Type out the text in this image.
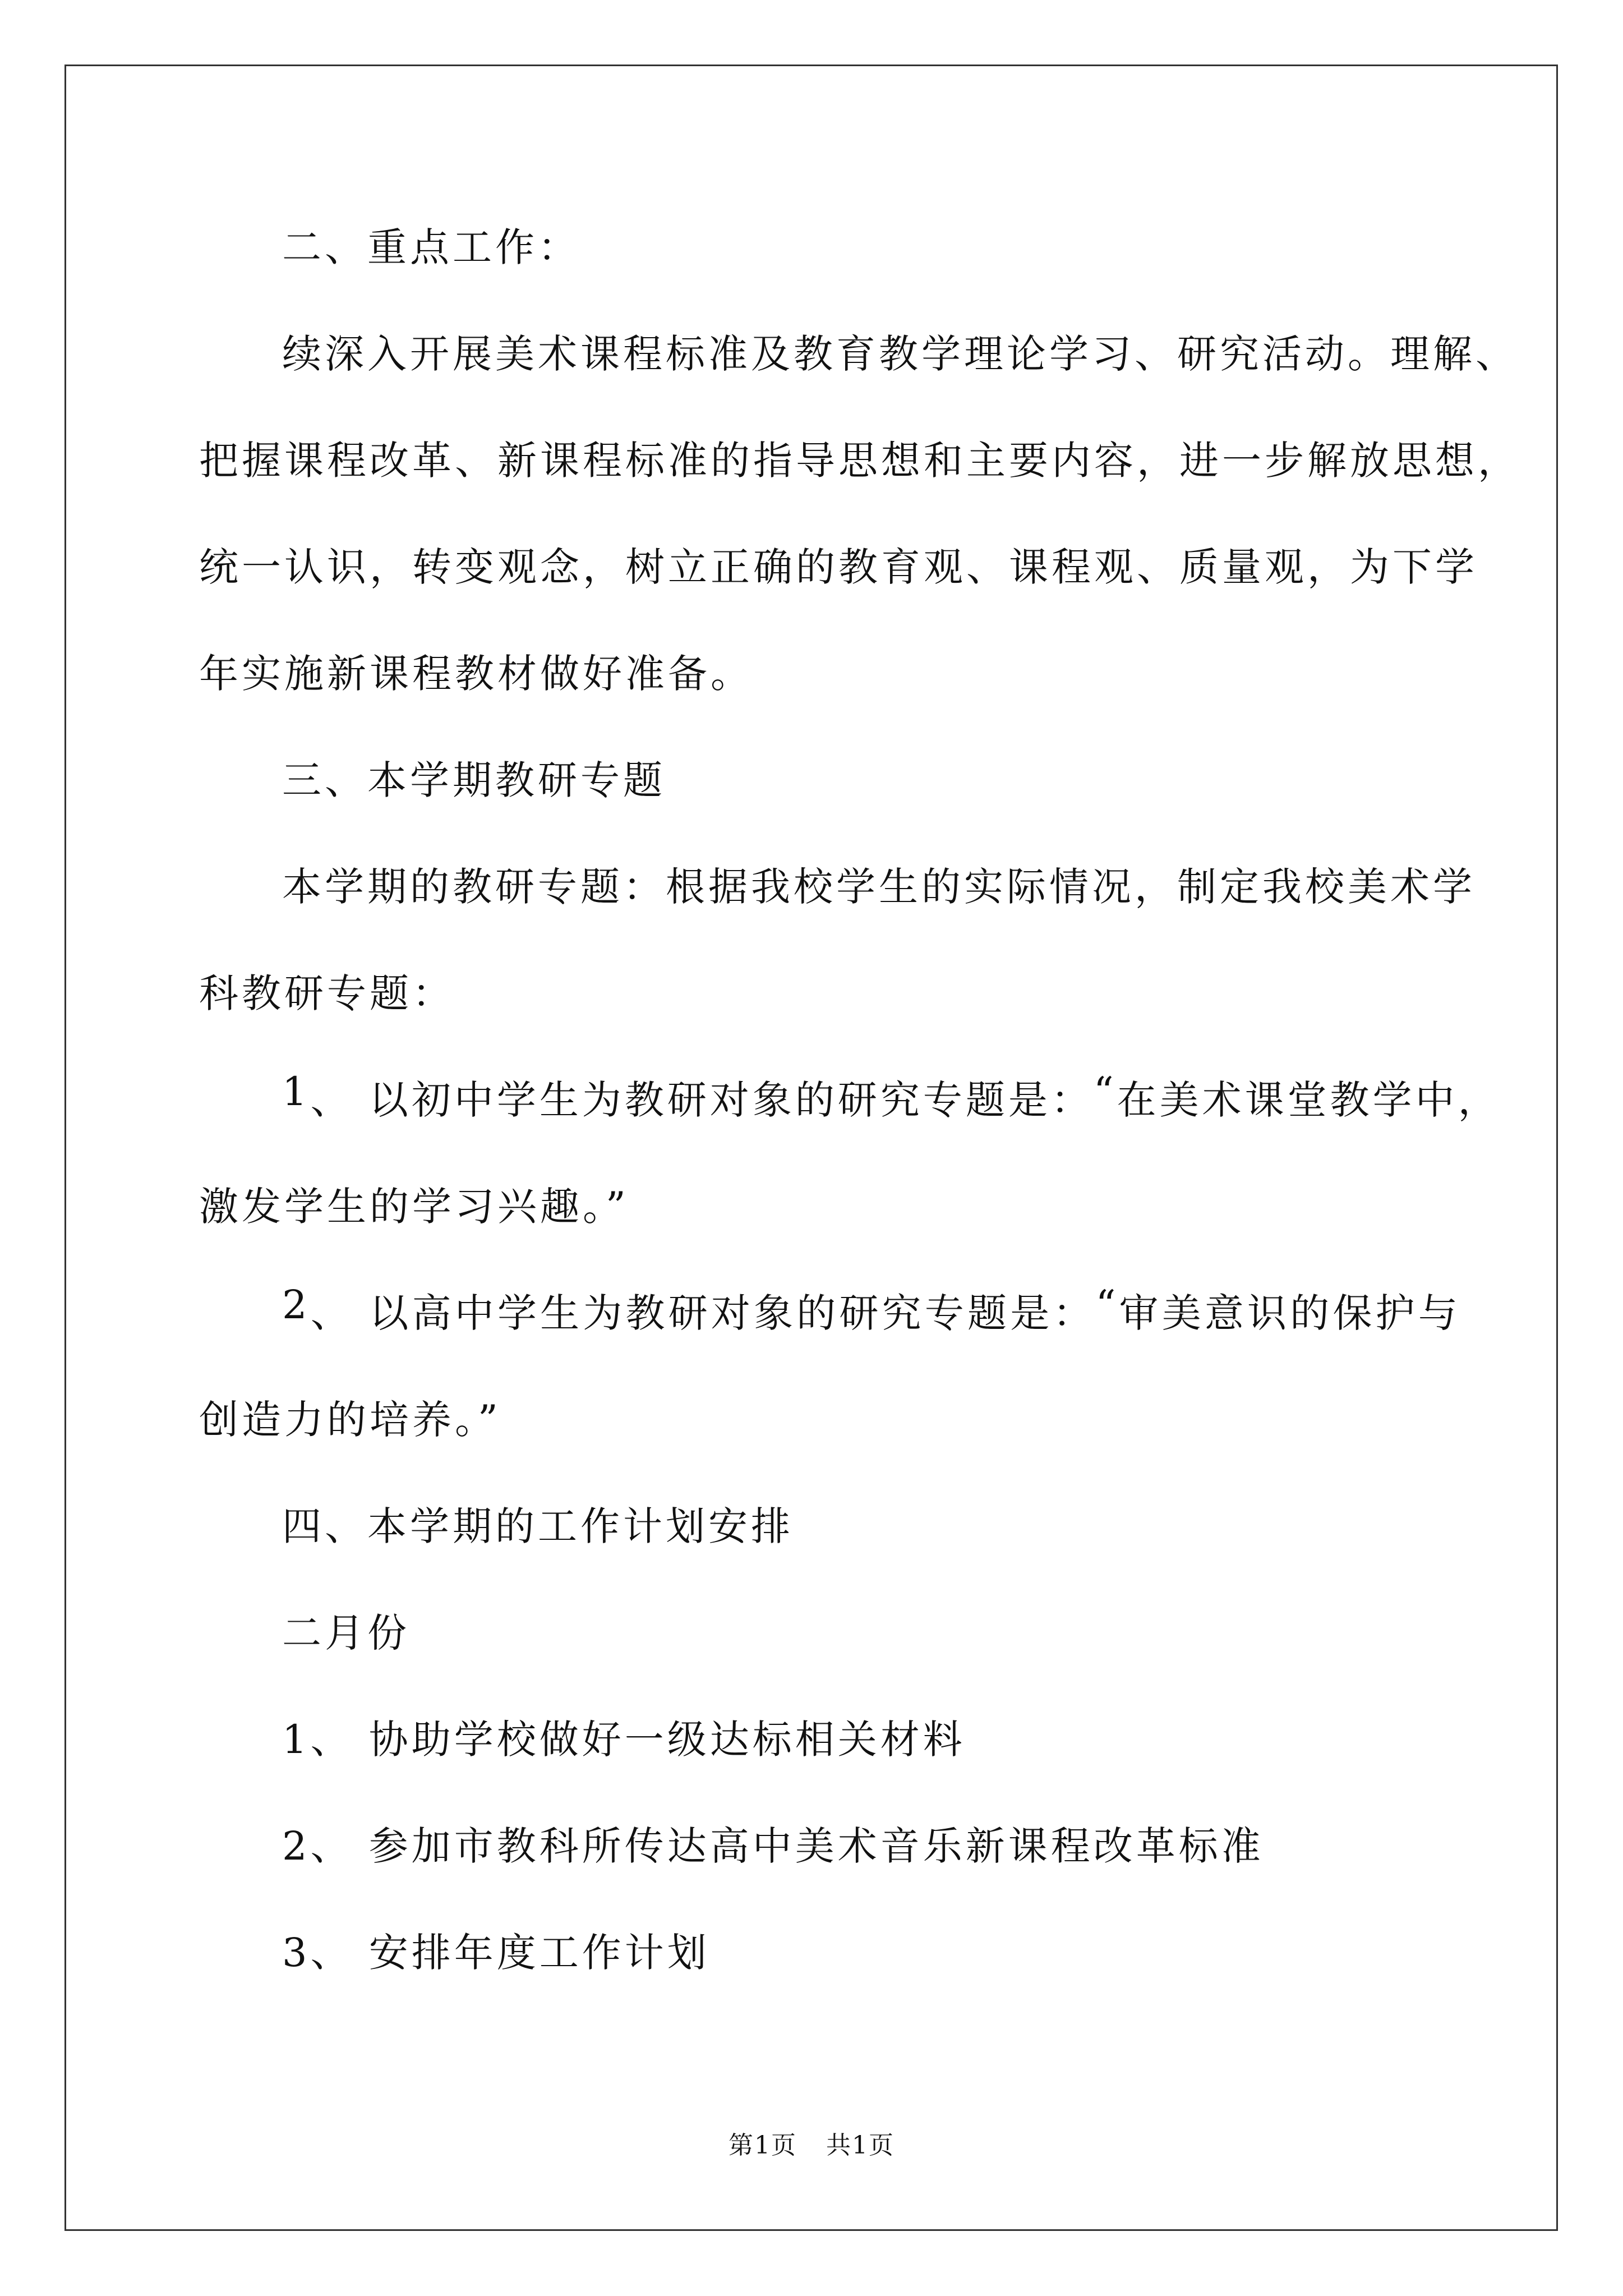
二、重点工作：
续 深 入 开 展 美 术 课 程 标 准 及 教 育 教 学 理 论 学 习 、 研 究 活 动 。 理 解 、
把 握 课 程 改 革 、 新 课 程 标 准 的 指 导 思 想 和 主 要 内 容 ， 进 一 步 解 放 思 想 ，
统 一 认 识 ， 转 变 观 念 ， 树 立 正 确 的 教 育 观 、 课 程 观 、 质 量 观 ， 为 下 学
年实施新课程教材做好准备。
三、本学期教研专题
本 学 期 的 教 研 专 题 ： 根 据 我 校 学 生 的 实 际 情 况 ， 制 定 我 校 美 术 学
科教研专题：
1 、
以 初 中 学 生 为 教 研 对 象 的 研 究 专 题 是 ： “ 在 美 术 课 堂 教 学 中 ，
激发学生的学习兴趣。”
2 、
以 高 中 学 生 为 教 研 对 象 的 研 究 专 题 是 ： “ 审 美 意 识 的 保 护 与
创造力的培养。”
四、本学期的工作计划安排
二月份
1、 协助学校做好一级达标相关材料
2、 参加市教科所传达高中美术音乐新课程改革标准
3、 安排年度工作计划
第1页 共1页
